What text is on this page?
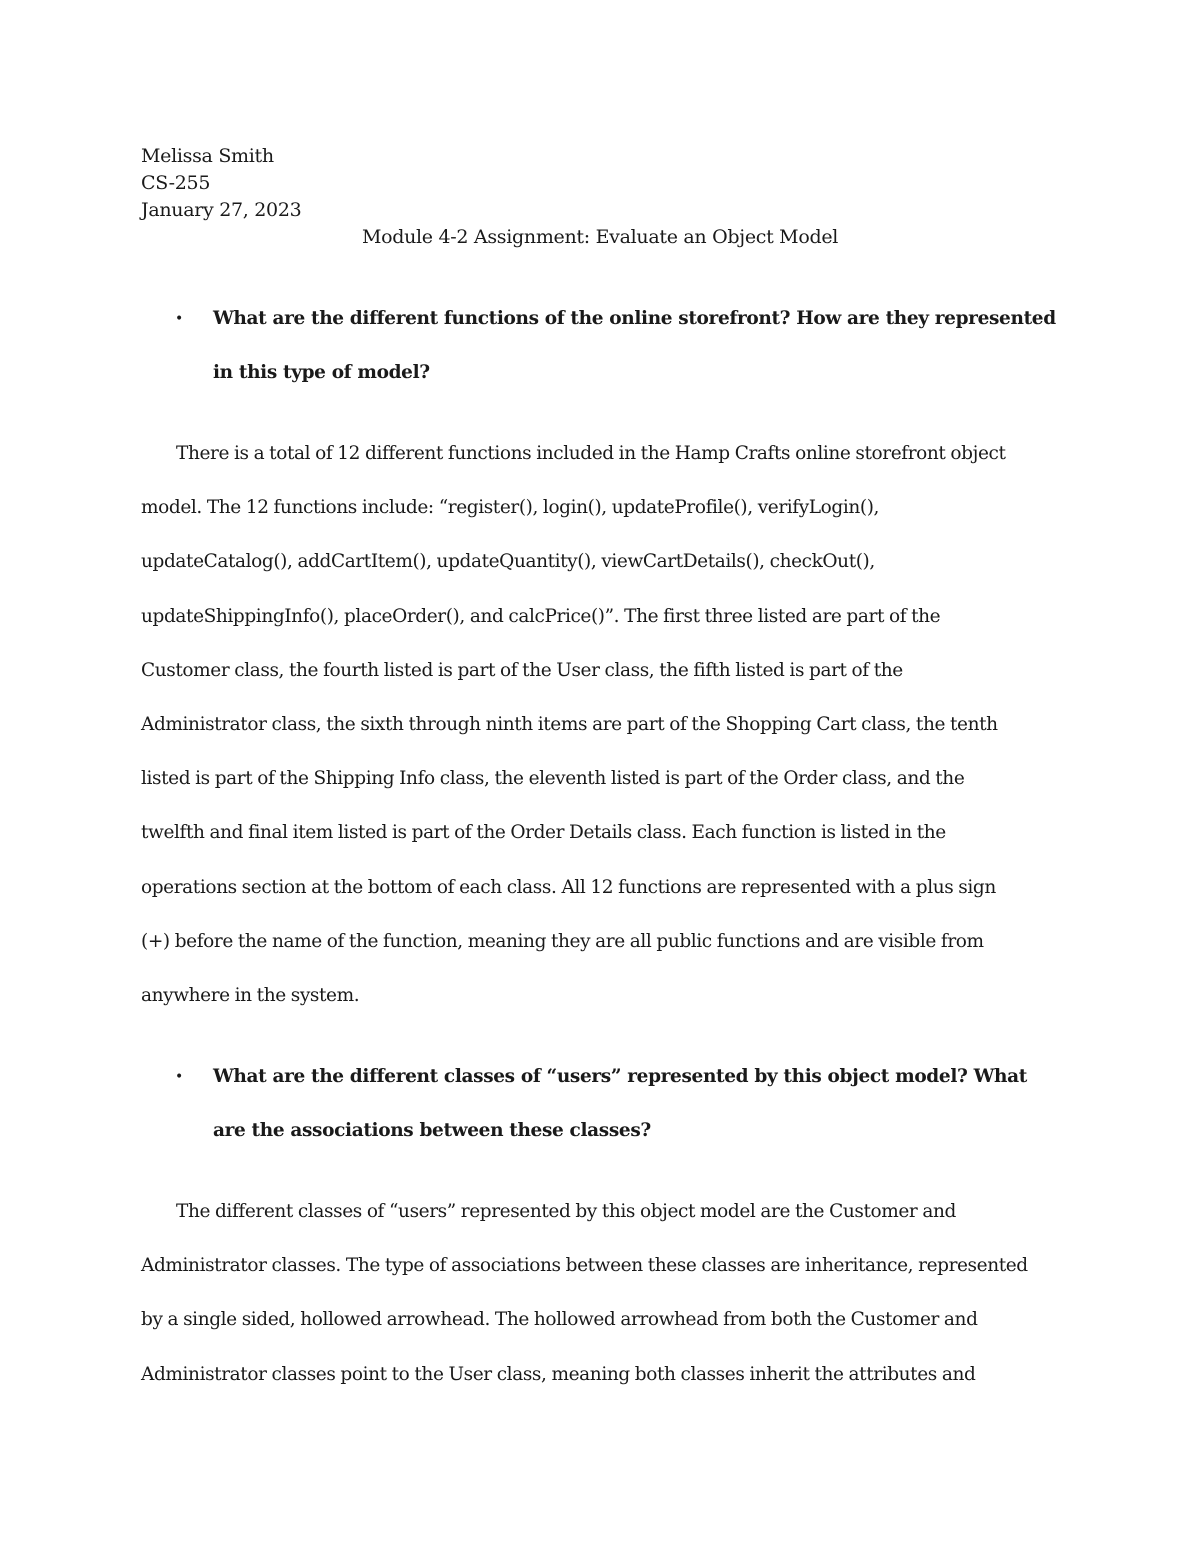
Melissa Smith
CS-255
January 27, 2023
Module 4-2 Assignment: Evaluate an Object Model
•	What are the different functions of the online storefront? How are they represented
in this type of model?
There is a total of 12 different functions included in the Hamp Crafts online storefront object
model. The 12 functions include: “register(), login(), updateProfile(), verifyLogin(),
updateCatalog(), addCartItem(), updateQuantity(), viewCartDetails(), checkOut(),
updateShippingInfo(), placeOrder(), and calcPrice()”. The first three listed are part of the
Customer class, the fourth listed is part of the User class, the fifth listed is part of the
Administrator class, the sixth through ninth items are part of the Shopping Cart class, the tenth
listed is part of the Shipping Info class, the eleventh listed is part of the Order class, and the
twelfth and final item listed is part of the Order Details class. Each function is listed in the
operations section at the bottom of each class. All 12 functions are represented with a plus sign
(+) before the name of the function, meaning they are all public functions and are visible from
anywhere in the system.
•	What are the different classes of “users” represented by this object model? What
are the associations between these classes?
The different classes of “users” represented by this object model are the Customer and
Administrator classes. The type of associations between these classes are inheritance, represented
by a single sided, hollowed arrowhead. The hollowed arrowhead from both the Customer and
Administrator classes point to the User class, meaning both classes inherit the attributes and
